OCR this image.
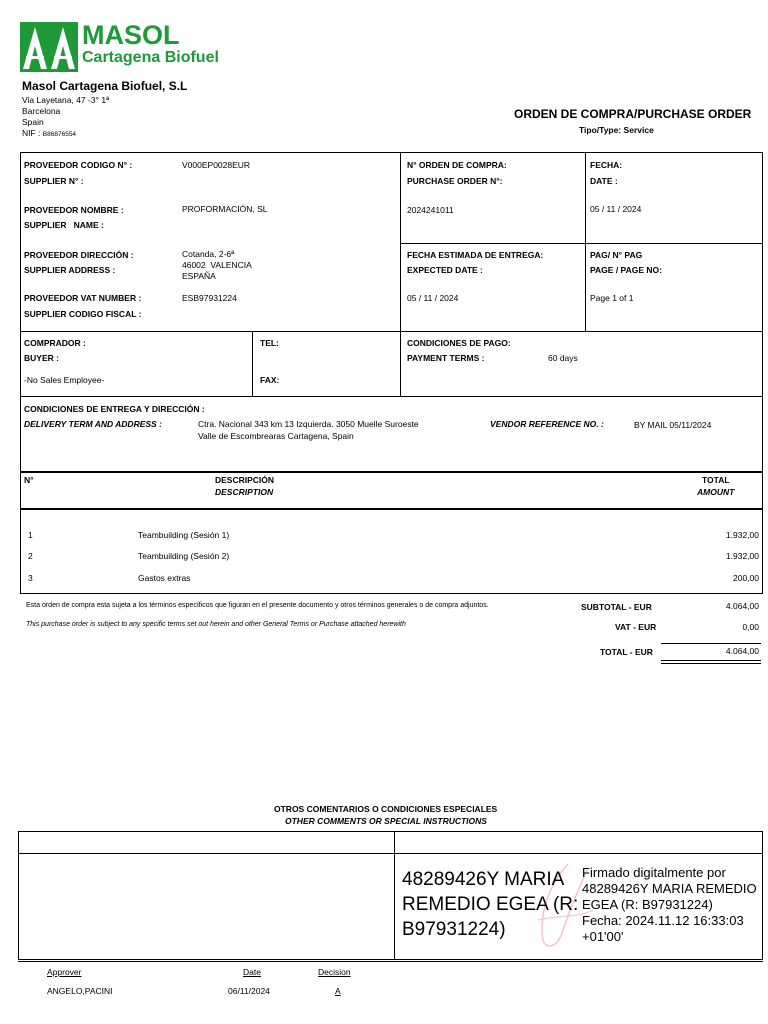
MASOL
Cartagena Biofuel
Masol Cartagena Biofuel, S.L
Via Layetana, 47 -3° 1ª
Barcelona
Spain
NIF : B86876554
ORDEN DE COMPRA/PURCHASE ORDER
Tipo/Type: Service
PROVEEDOR CODIGO N° :
SUPPLIER N° :
V000EP0028EUR
PROVEEDOR NOMBRE :
SUPPLIER   NAME :
PROFORMACIÓN, SL
PROVEEDOR DIRECCIÓN :
SUPPLIER ADDRESS :
Cotanda, 2-6ª
46002  VALENCIA
ESPAÑA
PROVEEDOR VAT NUMBER :
SUPPLIER CODIGO FISCAL :
ESB97931224
N° ORDEN DE COMPRA:
PURCHASE ORDER N°:
2024241011
FECHA:
DATE :
05 / 11 / 2024
FECHA ESTIMADA DE ENTREGA:
EXPECTED DATE :
05 / 11 / 2024
PAG/ N° PAG
PAGE / PAGE NO:
Page 1 of 1
COMPRADOR :
BUYER :
-No Sales Employee-
TEL:
FAX:
CONDICIONES DE PAGO:
PAYMENT TERMS :	60 days
CONDICIONES DE ENTREGA Y DIRECCIÓN :
DELIVERY TERM AND ADDRESS :	Ctra. Nacional 343 km 13 Izquierda. 3050 Muelle Suroeste
Valle de Escombrearas Cartagena, Spain
VENDOR REFERENCE NO. :	BY MAIL 05/11/2024
N°	DESCRIPCIÓN
DESCRIPTION
TOTAL
AMOUNT
1	Teambuilding (Sesión 1)	1.932,00
2	Teambuilding (Sesión 2)	1.932,00
3	Gastos extras	200,00
Esta orden de compra esta sujeta a los términos específicos que figuran en el presente documento y otros términos generales o de compra adjuntos.
This purchase order is subject to any specific terms set out herein and other General Terms or Purchase attached herewith
SUBTOTAL - EUR	4.064,00
VAT - EUR	0,00
TOTAL - EUR	4.064,00
OTROS COMENTARIOS O CONDICIONES ESPECIALES
OTHER COMMENTS OR SPECIAL INSTRUCTIONS
48289426Y MARIA REMEDIO EGEA (R: B97931224)
Firmado digitalmente por
48289426Y MARIA REMEDIO
EGEA (R: B97931224)
Fecha: 2024.11.12 16:33:03
+01'00'
Approver	Date	Decision
ANGELO,PACINI	06/11/2024	A
